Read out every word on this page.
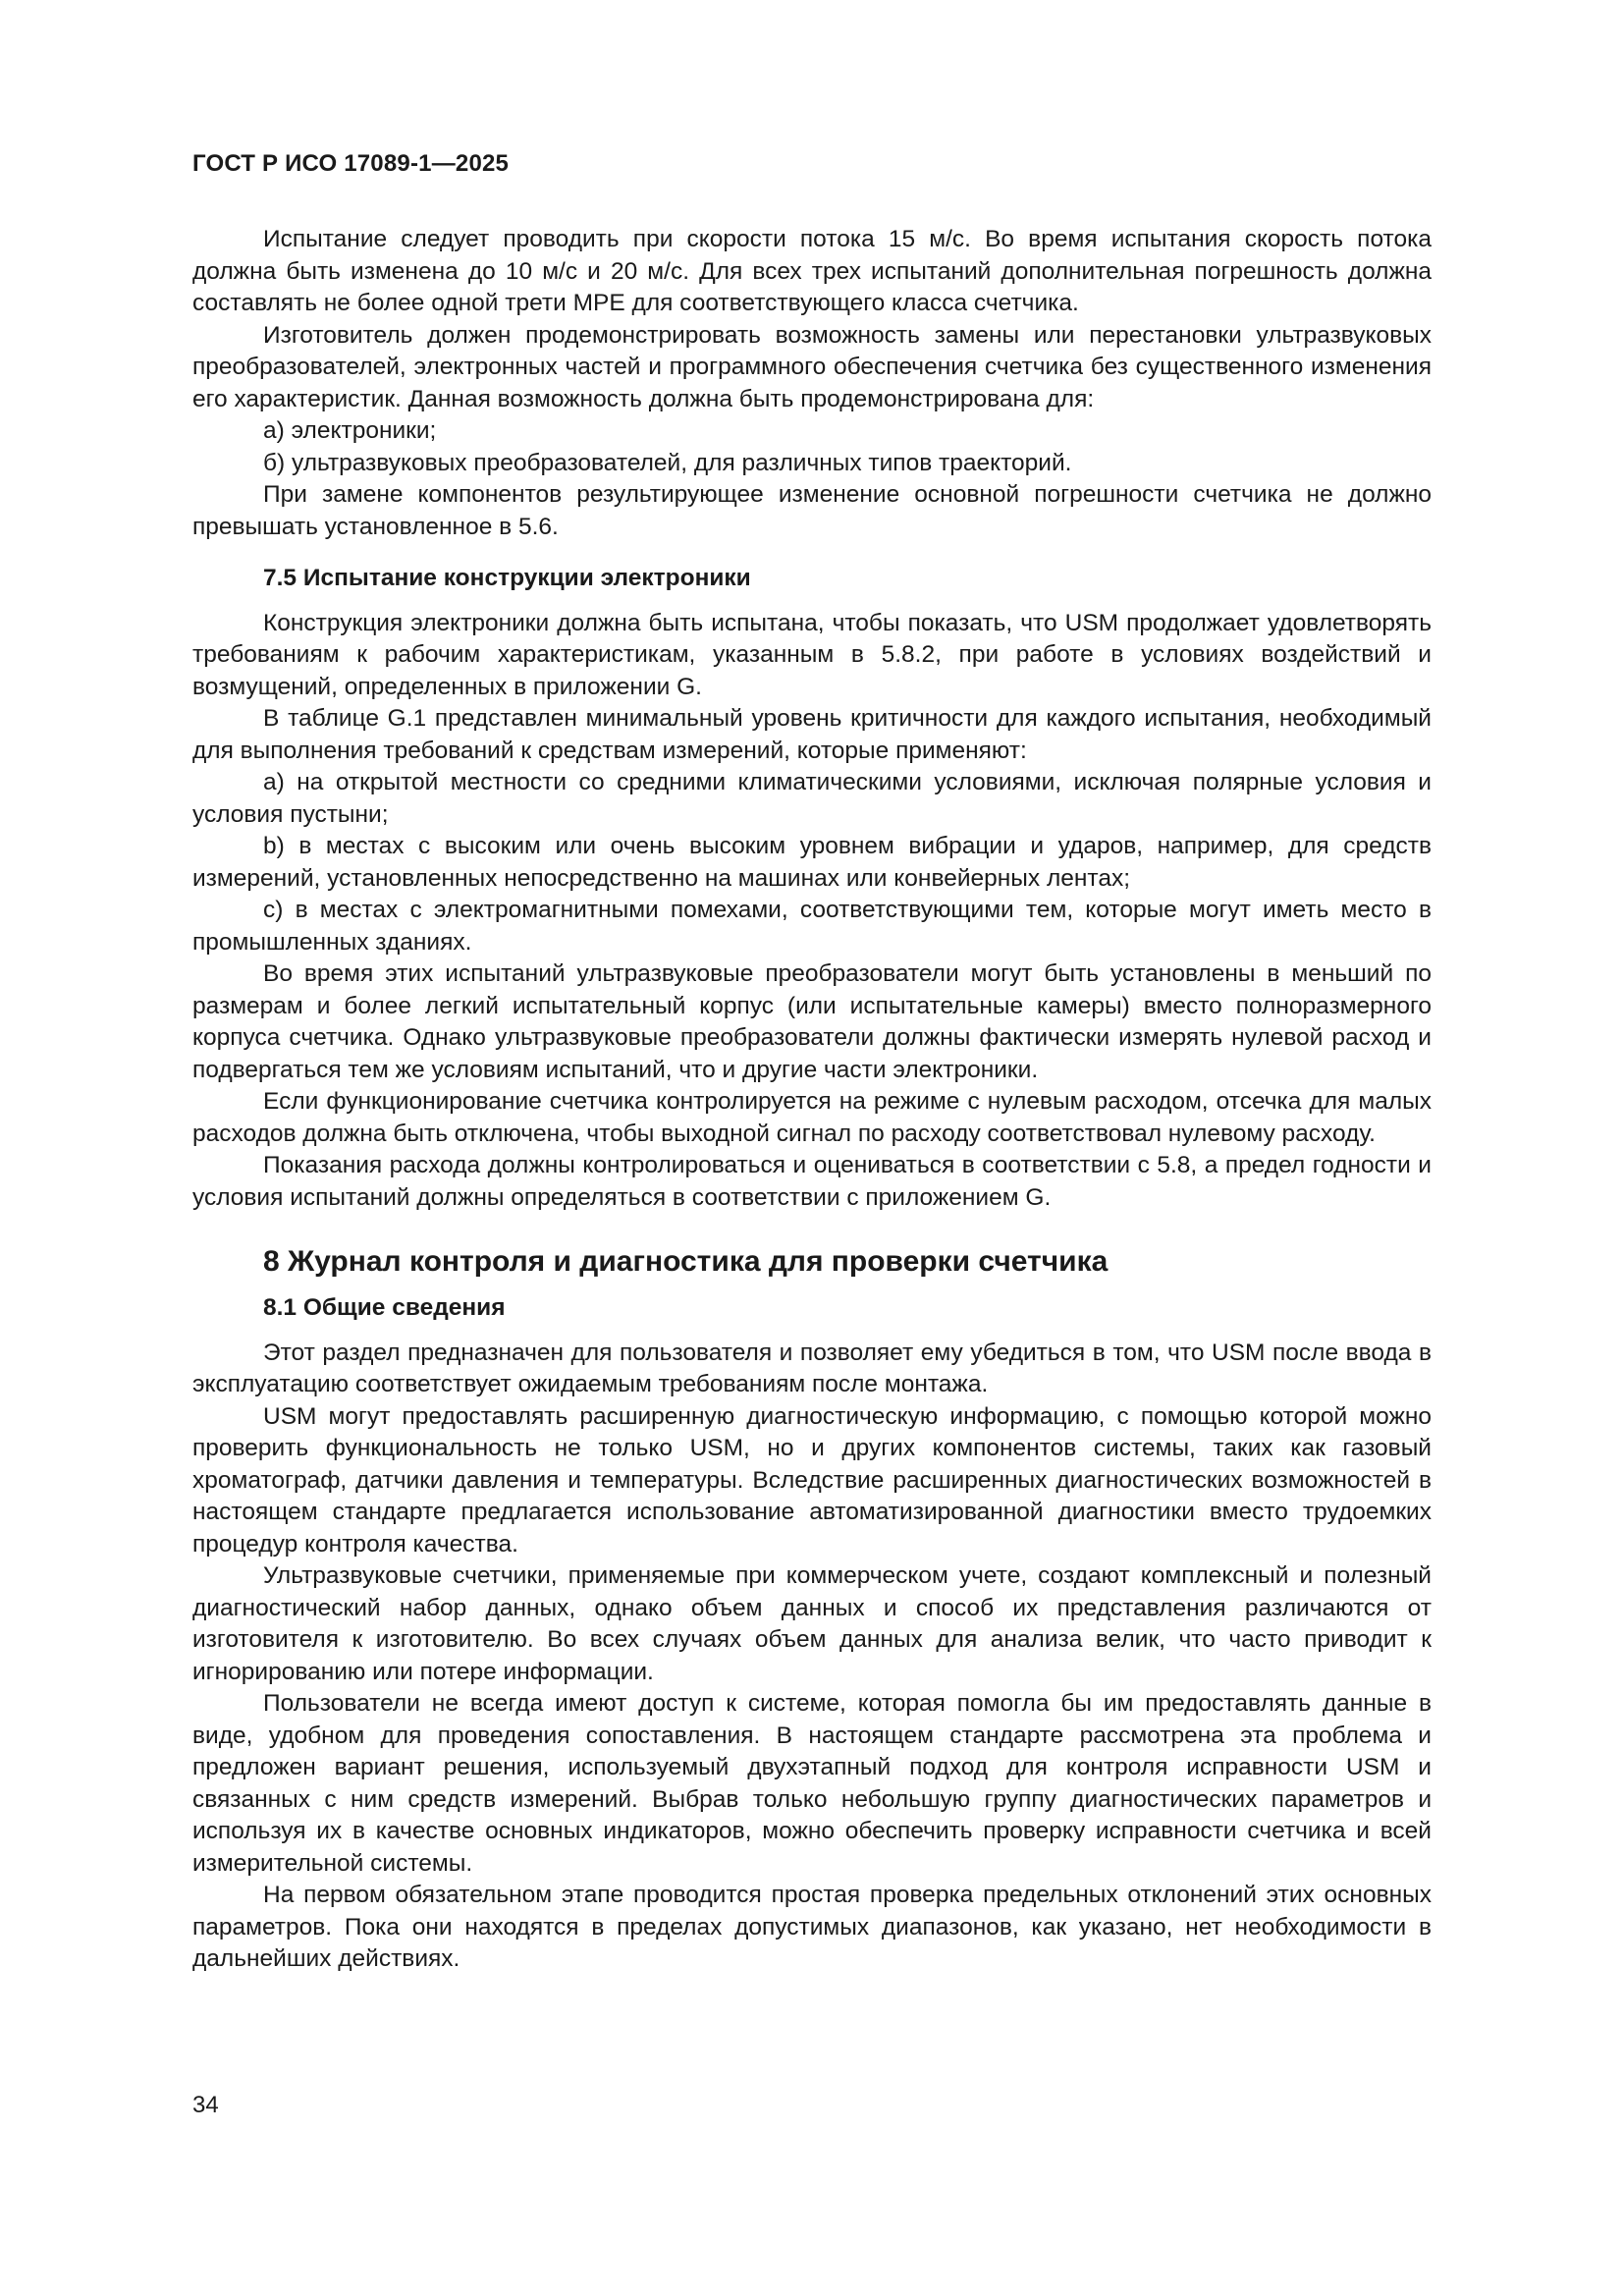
ГОСТ Р ИСО 17089-1—2025

Испытание следует проводить при скорости потока 15 м/с. Во время испытания скорость потока должна быть изменена до 10 м/с и 20 м/с. Для всех трех испытаний дополнительная погрешность должна составлять не более одной трети MPE для соответствующего класса счетчика.

Изготовитель должен продемонстрировать возможность замены или перестановки ультразвуковых преобразователей, электронных частей и программного обеспечения счетчика без существенного изменения его характеристик. Данная возможность должна быть продемонстрирована для:

а) электроники;

б) ультразвуковых преобразователей, для различных типов траекторий.

При замене компонентов результирующее изменение основной погрешности счетчика не должно превышать установленное в 5.6.

7.5 Испытание конструкции электроники

Конструкция электроники должна быть испытана, чтобы показать, что USM продолжает удовлетворять требованиям к рабочим характеристикам, указанным в 5.8.2, при работе в условиях воздействий и возмущений, определенных в приложении G.

В таблице G.1 представлен минимальный уровень критичности для каждого испытания, необходимый для выполнения требований к средствам измерений, которые применяют:

а) на открытой местности со средними климатическими условиями, исключая полярные условия и условия пустыни;

b) в местах с высоким или очень высоким уровнем вибрации и ударов, например, для средств измерений, установленных непосредственно на машинах или конвейерных лентах;

с) в местах с электромагнитными помехами, соответствующими тем, которые могут иметь место в промышленных зданиях.

Во время этих испытаний ультразвуковые преобразователи могут быть установлены в меньший по размерам и более легкий испытательный корпус (или испытательные камеры) вместо полноразмерного корпуса счетчика. Однако ультразвуковые преобразователи должны фактически измерять нулевой расход и подвергаться тем же условиям испытаний, что и другие части электроники.

Если функционирование счетчика контролируется на режиме с нулевым расходом, отсечка для малых расходов должна быть отключена, чтобы выходной сигнал по расходу соответствовал нулевому расходу.

Показания расхода должны контролироваться и оцениваться в соответствии с 5.8, а предел годности и условия испытаний должны определяться в соответствии с приложением G.

8 Журнал контроля и диагностика для проверки счетчика
8.1 Общие сведения

Этот раздел предназначен для пользователя и позволяет ему убедиться в том, что USM после ввода в эксплуатацию соответствует ожидаемым требованиям после монтажа.

USM могут предоставлять расширенную диагностическую информацию, с помощью которой можно проверить функциональность не только USM, но и других компонентов системы, таких как газовый хроматограф, датчики давления и температуры. Вследствие расширенных диагностических возможностей в настоящем стандарте предлагается использование автоматизированной диагностики вместо трудоемких процедур контроля качества.

Ультразвуковые счетчики, применяемые при коммерческом учете, создают комплексный и полезный диагностический набор данных, однако объем данных и способ их представления различаются от изготовителя к изготовителю. Во всех случаях объем данных для анализа велик, что часто приводит к игнорированию или потере информации.

Пользователи не всегда имеют доступ к системе, которая помогла бы им предоставлять данные в виде, удобном для проведения сопоставления. В настоящем стандарте рассмотрена эта проблема и предложен вариант решения, используемый двухэтапный подход для контроля исправности USM и связанных с ним средств измерений. Выбрав только небольшую группу диагностических параметров и используя их в качестве основных индикаторов, можно обеспечить проверку исправности счетчика и всей измерительной системы.

На первом обязательном этапе проводится простая проверка предельных отклонений этих основных параметров. Пока они находятся в пределах допустимых диапазонов, как указано, нет необходимости в дальнейших действиях.

34
